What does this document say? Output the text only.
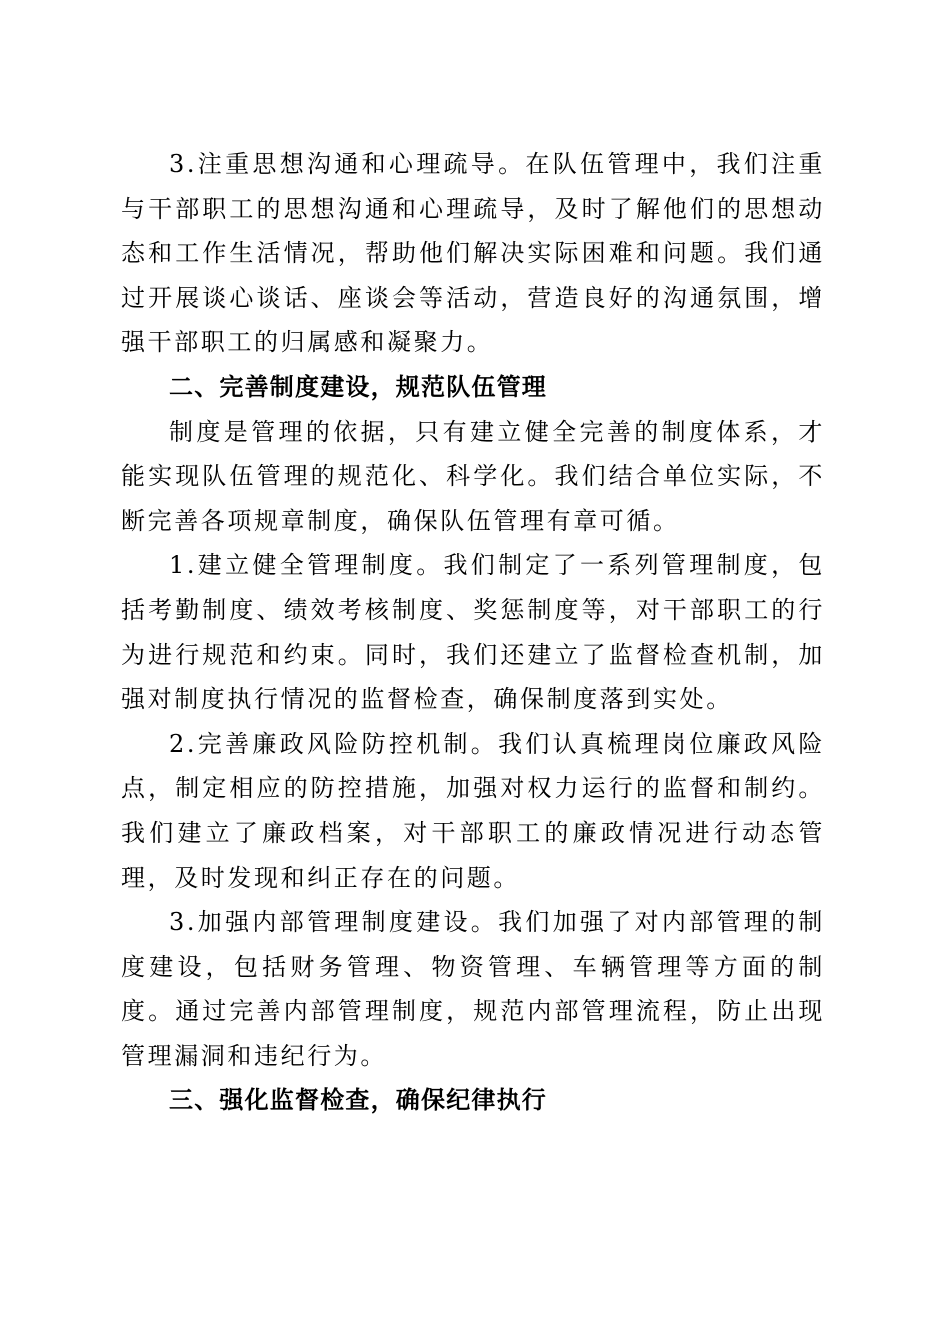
3.注重思想沟通和心理疏导。在队伍管理中，我们注重与干部职工的思想沟通和心理疏导，及时了解他们的思想动态和工作生活情况，帮助他们解决实际困难和问题。我们通过开展谈心谈话、座谈会等活动，营造良好的沟通氛围，增强干部职工的归属感和凝聚力。

二、完善制度建设，规范队伍管理

制度是管理的依据，只有建立健全完善的制度体系，才能实现队伍管理的规范化、科学化。我们结合单位实际，不断完善各项规章制度，确保队伍管理有章可循。

1.建立健全管理制度。我们制定了一系列管理制度，包括考勤制度、绩效考核制度、奖惩制度等，对干部职工的行为进行规范和约束。同时，我们还建立了监督检查机制，加强对制度执行情况的监督检查，确保制度落到实处。

2.完善廉政风险防控机制。我们认真梳理岗位廉政风险点，制定相应的防控措施，加强对权力运行的监督和制约。我们建立了廉政档案，对干部职工的廉政情况进行动态管理，及时发现和纠正存在的问题。

3.加强内部管理制度建设。我们加强了对内部管理的制度建设，包括财务管理、物资管理、车辆管理等方面的制度。通过完善内部管理制度，规范内部管理流程，防止出现管理漏洞和违纪行为。

三、强化监督检查，确保纪律执行
